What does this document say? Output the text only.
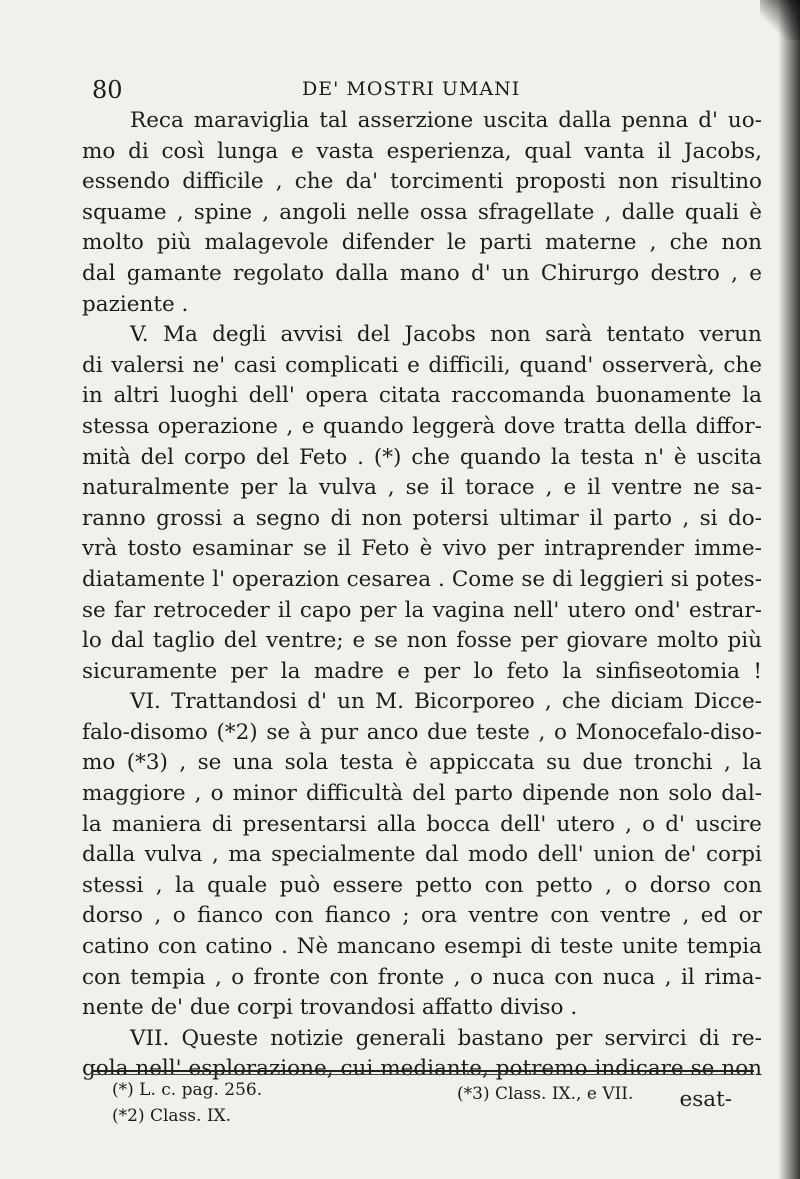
80	DE' MOSTRI UMANI

Reca maraviglia tal asserzione uscita dalla penna d' uo-

mo di così lunga e vasta esperienza, qual vanta il Jacobs,

essendo difficile , che da' torcimenti proposti non risultino

squame , spine , angoli nelle ossa sfragellate , dalle quali è

molto più malagevole difender le parti materne , che non

dal gamante regolato dalla mano d' un Chirurgo destro , e

paziente .

V. Ma degli avvisi del Jacobs non sarà tentato verun

di valersi ne' casi complicati e difficili, quand' osserverà, che

in altri luoghi dell' opera citata raccomanda buonamente la

stessa operazione , e quando leggerà dove tratta della diffor-

mità del corpo del Feto . (*) che quando la testa n' è uscita

naturalmente per la vulva , se il torace , e il ventre ne sa-

ranno grossi a segno di non potersi ultimar il parto , si do-

vrà tosto esaminar se il Feto è vivo per intraprender imme-

diatamente l' operazion cesarea . Come se di leggieri si potes-

se far retroceder il capo per la vagina nell' utero ond' estrar-

lo dal taglio del ventre; e se non fosse per giovare molto più

sicuramente per la madre e per lo feto la sinfiseotomia !

VI. Trattandosi d' un M. Bicorporeo , che diciam Dicce-

falo-disomo (*2) se à pur anco due teste , o Monocefalo-diso-

mo (*3) , se una sola testa è appiccata su due tronchi , la

maggiore , o minor difficultà del parto dipende non solo dal-

la maniera di presentarsi alla bocca dell' utero , o d' uscire

dalla vulva , ma specialmente dal modo dell' union de' corpi

stessi , la quale può essere petto con petto , o dorso con

dorso , o fianco con fianco ; ora ventre con ventre , ed or

catino con catino . Nè mancano esempi di teste unite tempia

con tempia , o fronte con fronte , o nuca con nuca , il rima-

nente de' due corpi trovandosi affatto diviso .

VII. Queste notizie generali bastano per servirci di re-

gola nell' esplorazione, cui mediante, potremo indicare se non

esat-

(*) L. c. pag. 256.
(*2) Class. IX.
(*3) Class. IX., e VII.
